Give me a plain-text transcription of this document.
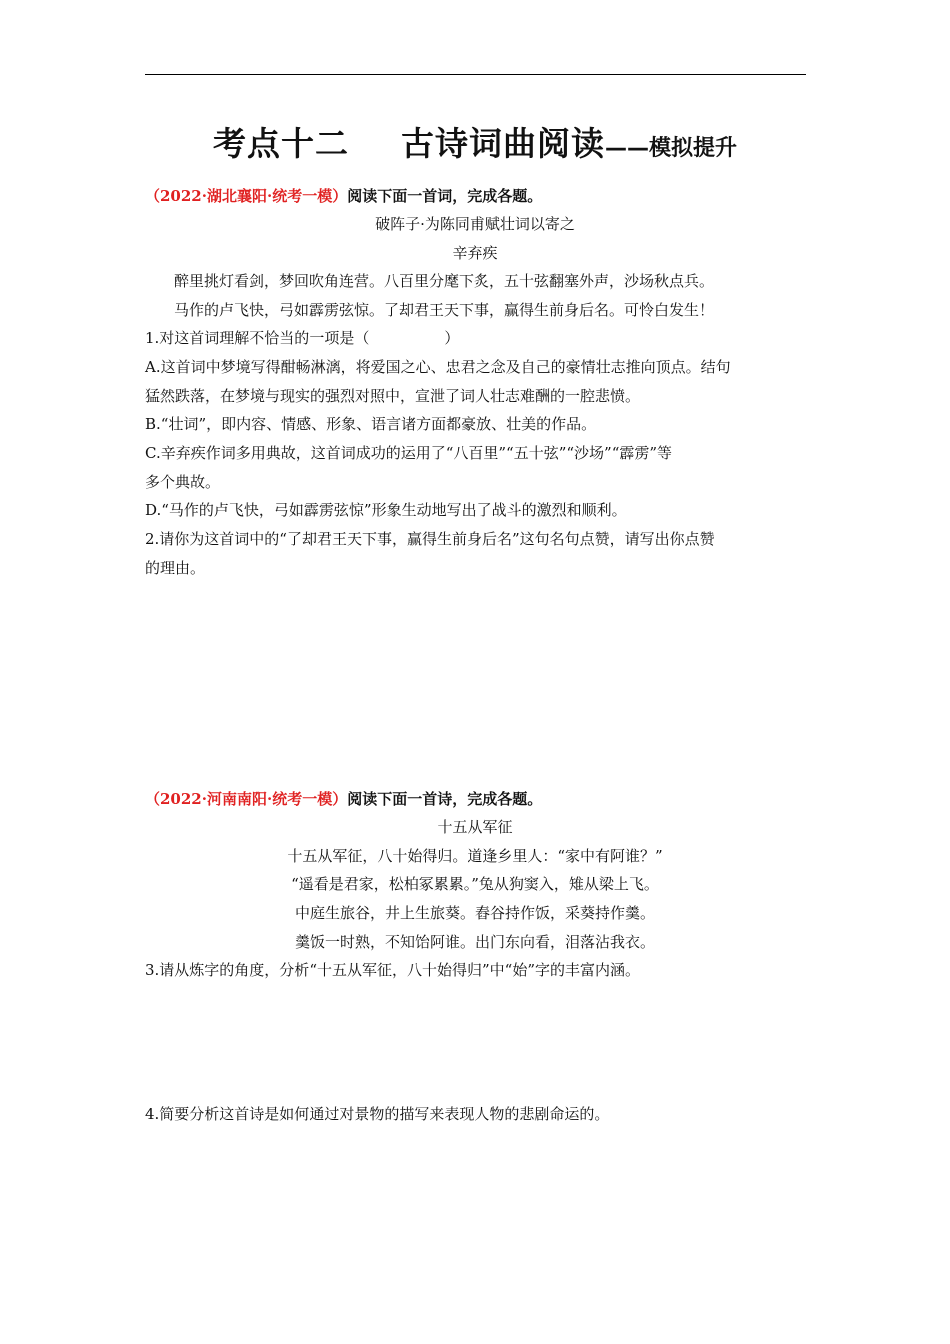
考点十二 古诗词曲阅读——模拟提升
（2022·湖北襄阳·统考一模）阅读下面一首词，完成各题。
破阵子·为陈同甫赋壮词以寄之
辛弃疾
醉里挑灯看剑，梦回吹角连营。八百里分麾下炙，五十弦翻塞外声，沙场秋点兵。
马作的卢飞快，弓如霹雳弦惊。了却君王天下事，赢得生前身后名。可怜白发生！
1.对这首词理解不恰当的一项是（　　　　　）
A.这首词中梦境写得酣畅淋漓，将爱国之心、忠君之念及自己的豪情壮志推向顶点。结句
猛然跌落，在梦境与现实的强烈对照中，宣泄了词人壮志难酬的一腔悲愤。
B.“壮词”，即内容、情感、形象、语言诸方面都豪放、壮美的作品。
C.辛弃疾作词多用典故，这首词成功的运用了“八百里”“五十弦”“沙场”“霹雳”等
多个典故。
D.“马作的卢飞快，弓如霹雳弦惊”形象生动地写出了战斗的激烈和顺利。
2.请你为这首词中的“了却君王天下事，赢得生前身后名”这句名句点赞，请写出你点赞
的理由。
（2022·河南南阳·统考一模）阅读下面一首诗，完成各题。
十五从军征
十五从军征，八十始得归。道逢乡里人：“家中有阿谁？”
“遥看是君家，松柏冢累累。”兔从狗窦入，雉从梁上飞。
中庭生旅谷，井上生旅葵。舂谷持作饭，采葵持作羹。
羹饭一时熟，不知饴阿谁。出门东向看，泪落沾我衣。
3.请从炼字的角度，分析“十五从军征，八十始得归”中“始”字的丰富内涵。
4.简要分析这首诗是如何通过对景物的描写来表现人物的悲剧命运的。
